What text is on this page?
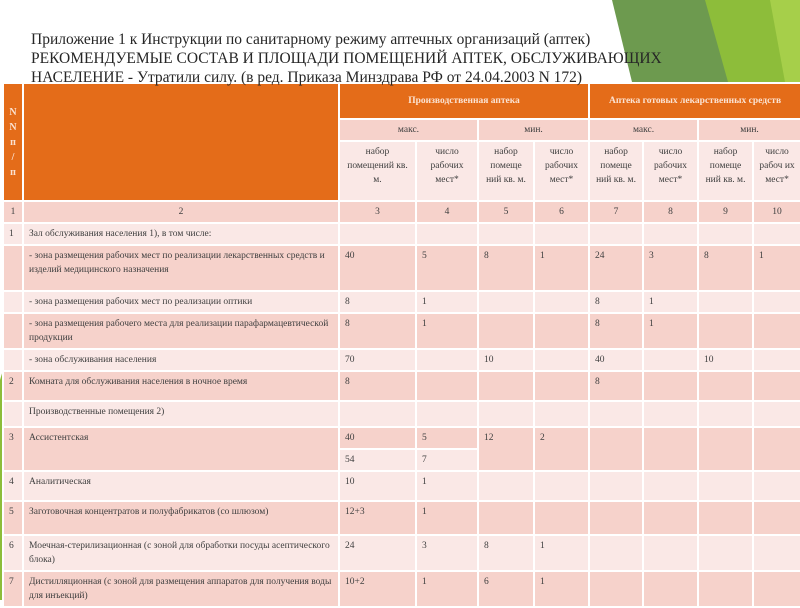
Приложение 1 к Инструкции по санитарному режиму аптечных организаций (аптек)
РЕКОМЕНДУЕМЫЕ СОСТАВ И ПЛОЩАДИ ПОМЕЩЕНИЙ АПТЕК, ОБСЛУЖИВАЮЩИХ
НАСЕЛЕНИЕ - Утратили силу. (в ред. Приказа Минздрава РФ от 24.04.2003 N 172)
N
N
п
/
п		Производственная аптека				Аптека готовых лекарственных средств			
		макс.		мин.		макс.		мин.	
		набор помещений кв. м.	число рабочих мест*	набор помеще ний кв. м.	число рабочих мест*	набор помеще ний кв. м.	число рабочих мест*	набор помеще ний кв. м.	число рабоч их мест*
1	2	3	4	5	6	7	8	9	10
1	Зал обслуживания населения 1), в том числе:								
	- зона размещения рабочих мест по реализации лекарственных средств и изделий медицинского назначения	40	5	8	1	24	3	8	1
	- зона размещения рабочих мест по реализации оптики	8	1			8	1		
	- зона размещения рабочего места для реализации парафармацевтической продукции	8	1			8	1		
	- зона обслуживания населения	70		10		40		10	
2	Комната для обслуживания населения в ночное время	8				8			
	Производственные помещения 2)								
3	Ассистентская	40	5	12	2				
		54	7						
4	Аналитическая	10	1						
5	Заготовочная концентратов и полуфабрикатов (со шлюзом)	12+3	1						
6	Моечная-стерилизационная (с зоной для обработки посуды асептического блока)	24	3	8	1				
7	Дистилляционная (с зоной для размещения аппаратов для получения воды для инъекций)	10+2	1	6	1				
